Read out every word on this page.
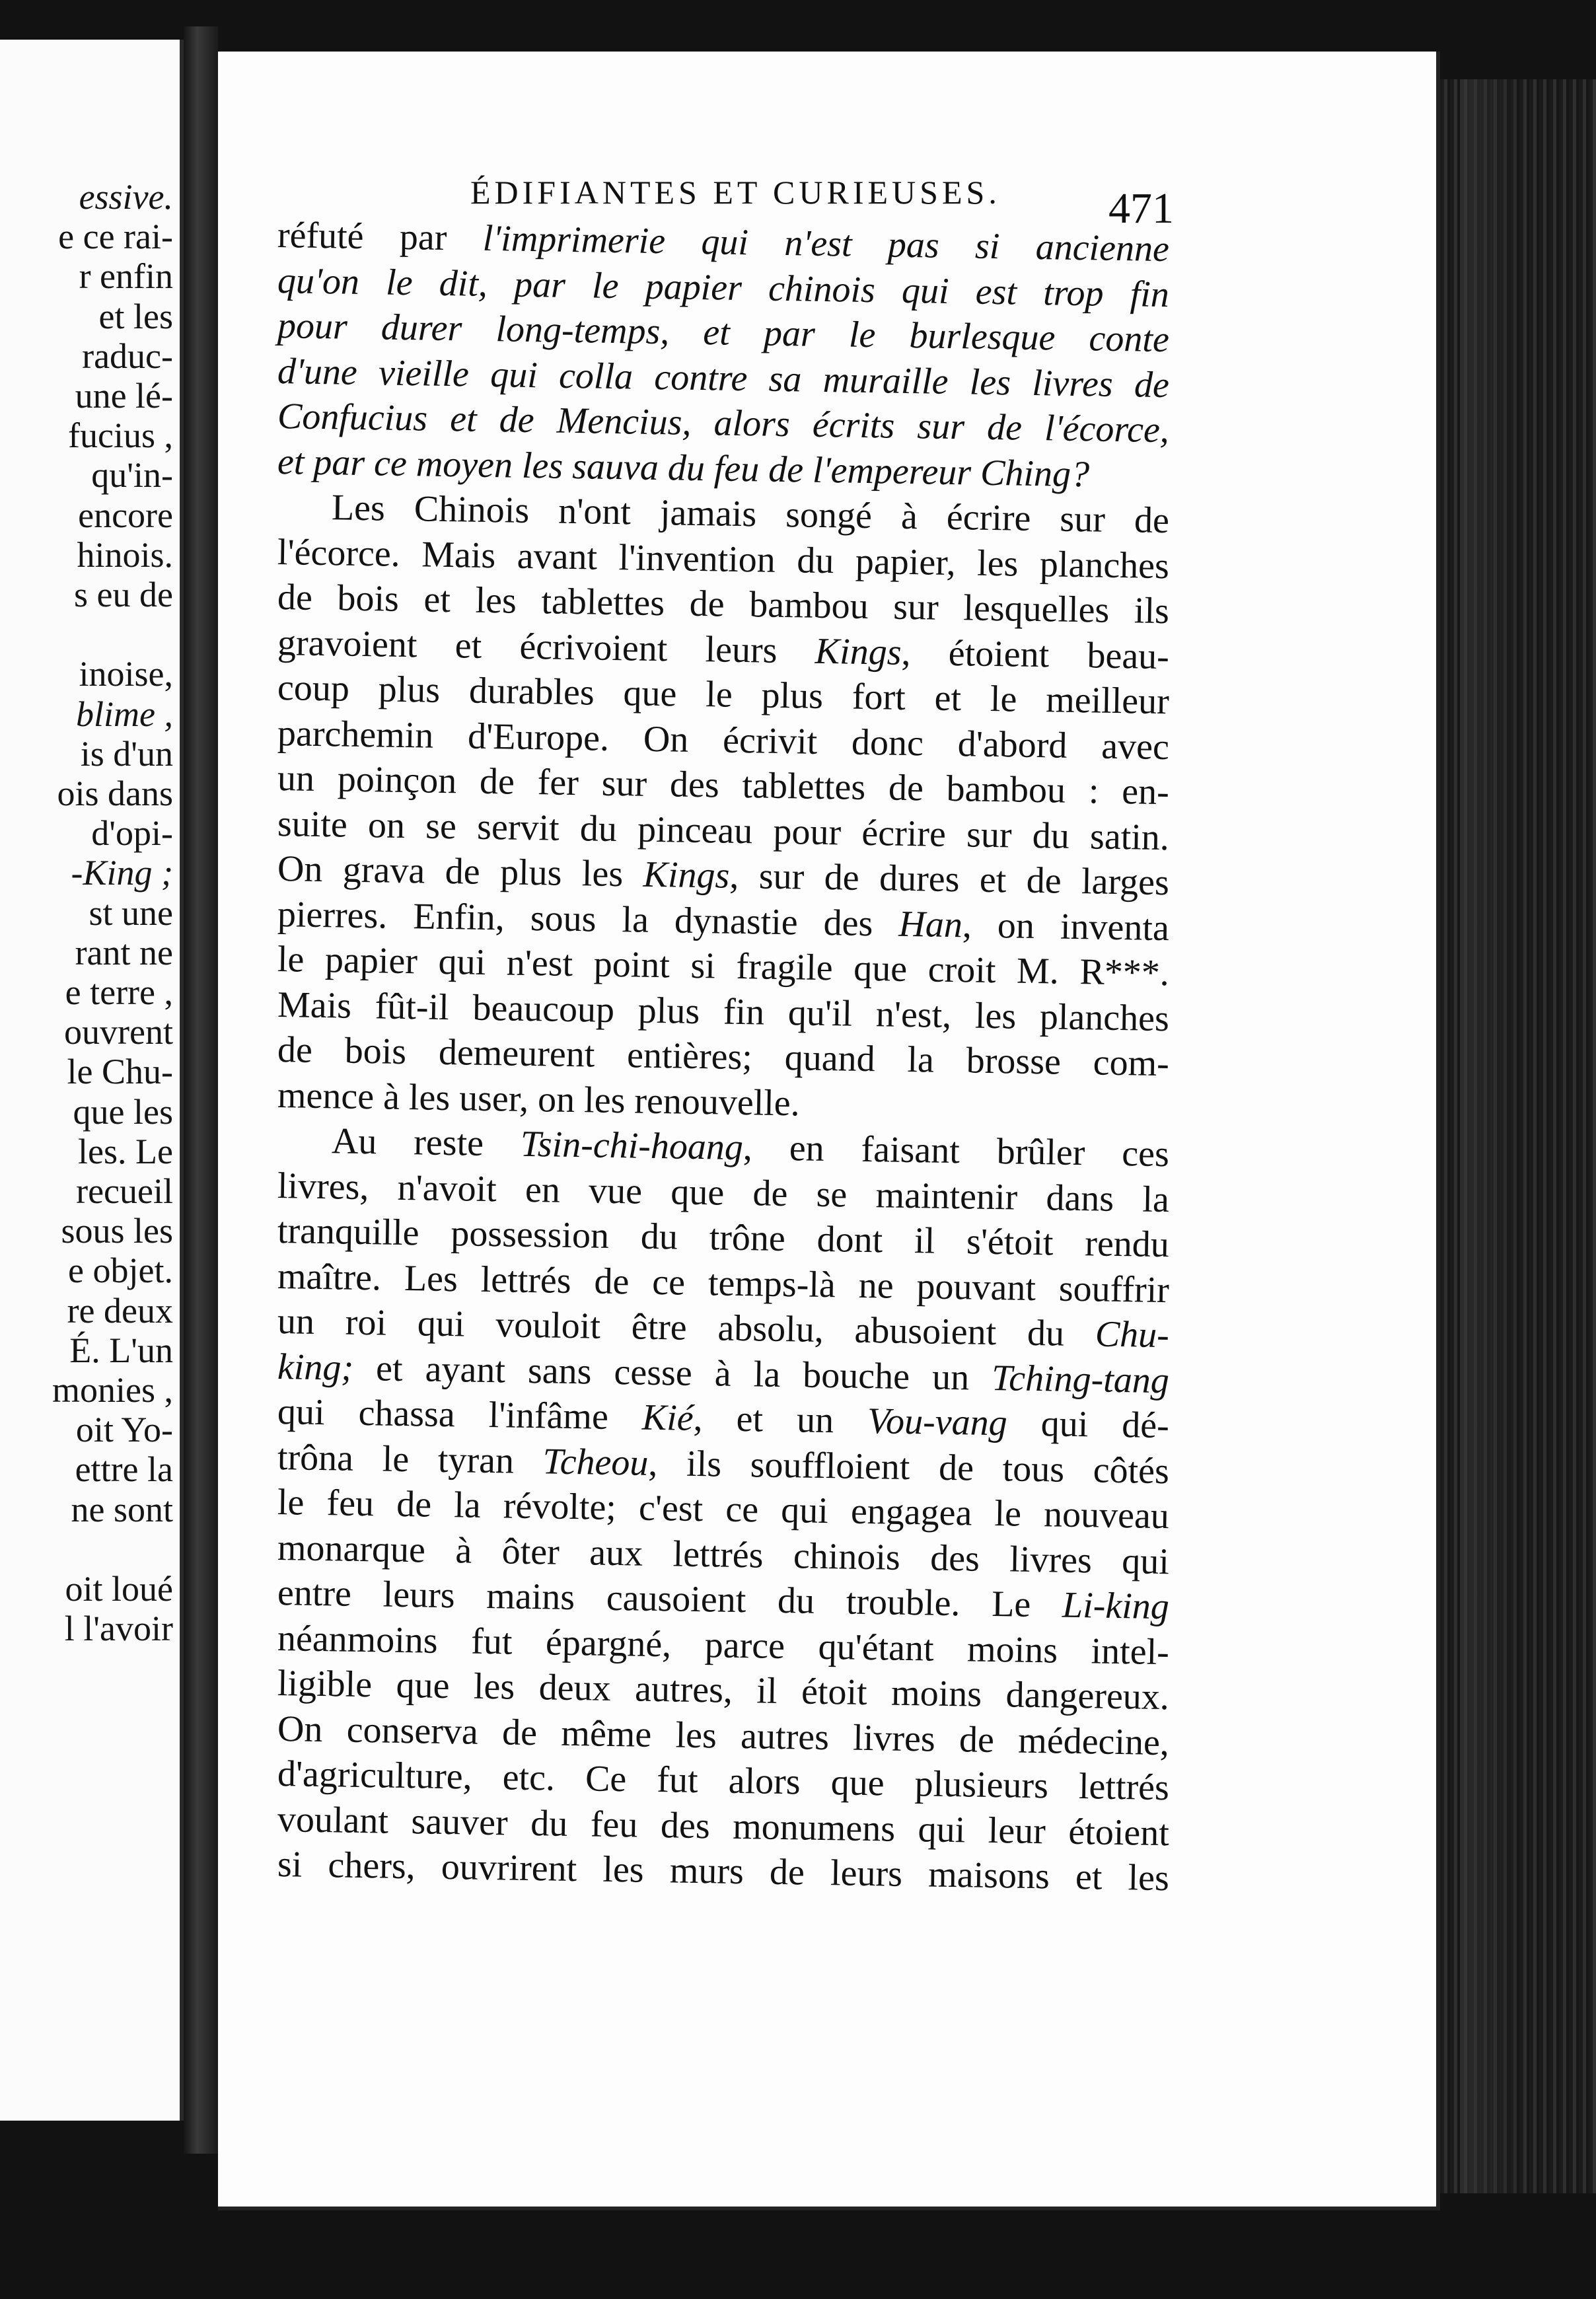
essive.
e ce rai-
r enfin
et les
raduc-
une lé-
fucius ,
qu'in-
encore
hinois.
s eu de
inoise,
blime ,
is d'un
ois dans
d'opi-
-King ;
st une
rant ne
e terre ,
ouvrent
le Chu-
que les
les. Le
recueil
sous les
e objet.
re deux
É. L'un
monies ,
oit Yo-
ettre la
ne sont
oit loué
l l'avoir
ÉDIFIANTES ET CURIEUSES. 471
réfuté par l'imprimerie qui n'est pas si ancienne
qu'on le dit, par le papier chinois qui est trop fin
pour durer long-temps, et par le burlesque conte
d'une vieille qui colla contre sa muraille les livres de
Confucius et de Mencius, alors écrits sur de l'écorce,
et par ce moyen les sauva du feu de l'empereur Ching?
Les Chinois n'ont jamais songé à écrire sur de
l'écorce. Mais avant l'invention du papier, les planches
de bois et les tablettes de bambou sur lesquelles ils
gravoient et écrivoient leurs Kings, étoient beau-
coup plus durables que le plus fort et le meilleur
parchemin d'Europe. On écrivit donc d'abord avec
un poinçon de fer sur des tablettes de bambou : en-
suite on se servit du pinceau pour écrire sur du satin.
On grava de plus les Kings, sur de dures et de larges
pierres. Enfin, sous la dynastie des Han, on inventa
le papier qui n'est point si fragile que croit M. R***.
Mais fût-il beaucoup plus fin qu'il n'est, les planches
de bois demeurent entières; quand la brosse com-
mence à les user, on les renouvelle.
Au reste Tsin-chi-hoang, en faisant brûler ces
livres, n'avoit en vue que de se maintenir dans la
tranquille possession du trône dont il s'étoit rendu
maître. Les lettrés de ce temps-là ne pouvant souffrir
un roi qui vouloit être absolu, abusoient du Chu-
king; et ayant sans cesse à la bouche un Tching-tang
qui chassa l'infâme Kié, et un Vou-vang qui dé-
trôna le tyran Tcheou, ils souffloient de tous côtés
le feu de la révolte; c'est ce qui engagea le nouveau
monarque à ôter aux lettrés chinois des livres qui
entre leurs mains causoient du trouble. Le Li-king
néanmoins fut épargné, parce qu'étant moins intel-
ligible que les deux autres, il étoit moins dangereux.
On conserva de même les autres livres de médecine,
d'agriculture, etc. Ce fut alors que plusieurs lettrés
voulant sauver du feu des monumens qui leur étoient
si chers, ouvrirent les murs de leurs maisons et les
